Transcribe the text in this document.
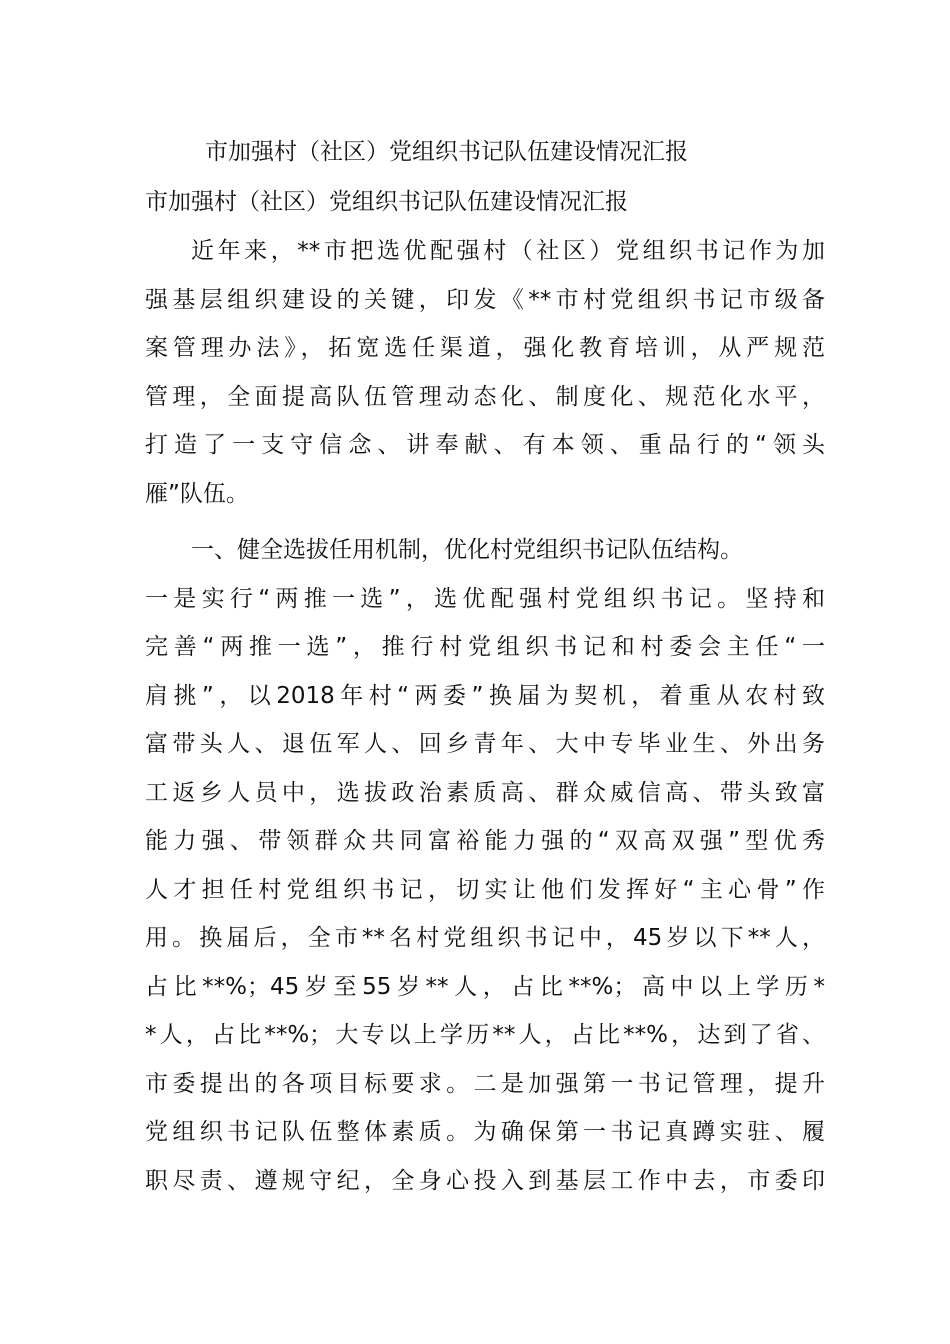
市加强村（社区）党组织书记队伍建设情况汇报
市加强村（社区）党组织书记队伍建设情况汇报
近年来，**市把选优配强村（社区）党组织书记作为加
强基层组织建设的关键，印发《**市村党组织书记市级备
案管理办法》，拓宽选任渠道，强化教育培训，从严规范
管理，全面提高队伍管理动态化、制度化、规范化水平，
打造了一支守信念、讲奉献、有本领、重品行的“领头
雁”队伍。
一、健全选拔任用机制，优化村党组织书记队伍结构。
一是实行“两推一选”，选优配强村党组织书记。坚持和
完善“两推一选”，推行村党组织书记和村委会主任“一
肩挑”，以2018年村“两委”换届为契机，着重从农村致
富带头人、退伍军人、回乡青年、大中专毕业生、外出务
工返乡人员中，选拔政治素质高、群众威信高、带头致富
能力强、带领群众共同富裕能力强的“双高双强”型优秀
人才担任村党组织书记，切实让他们发挥好“主心骨”作
用。换届后，全市**名村党组织书记中，45岁以下**人，
占比**%；45岁至55岁**人，占比**%；高中以上学历*
*人，占比**%；大专以上学历**人，占比**%，达到了省、
市委提出的各项目标要求。二是加强第一书记管理，提升
党组织书记队伍整体素质。为确保第一书记真蹲实驻、履
职尽责、遵规守纪，全身心投入到基层工作中去，市委印
